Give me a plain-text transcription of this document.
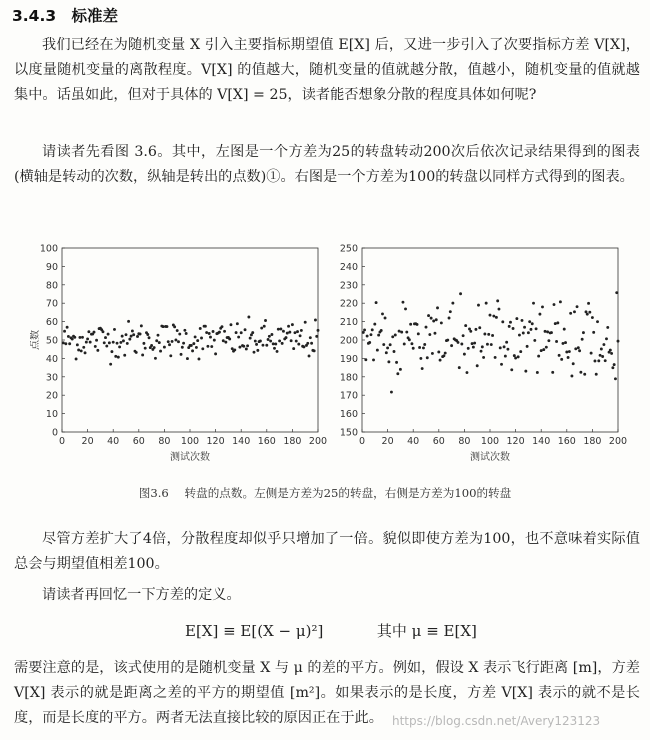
3.4.3 标准差
我们已经在为随机变量 X 引入主要指标期望值 E[X] 后，又进一步引入了次要指标方差 V[X]，以度量随机变量的离散程度。V[X] 的值越大，随机变量的值就越分散，值越小，随机变量的值就越集中。话虽如此，但对于具体的 V[X] = 25，读者能否想象分散的程度具体如何呢?
请读者先看图 3.6。其中，左图是一个方差为25的转盘转动200次后依次记录结果得到的图表(横轴是转动的次数，纵轴是转出的点数)①。右图是一个方差为100的转盘以同样方式得到的图表。
0
10
20
30
40
50
60
70
80
90
100
0 20 40 60 80 100 120 140 160 180 200
测试次数
点数
150
160
170
180
190
200
210
220
230
240
250
0 20 40 60 80 100 120 140 160 180 200
测试次数
图3.6 转盘的点数。左侧是方差为25的转盘，右侧是方差为100的转盘
尽管方差扩大了4倍，分散程度却似乎只增加了一倍。貌似即使方差为100，也不意味着实际值总会与期望值相差100。
请读者再回忆一下方差的定义。
E[X] ≡ E[(X − μ)²]	其中 μ ≡ E[X]
需要注意的是，该式使用的是随机变量 X 与 μ 的差的平方。例如，假设 X 表示飞行距离 [m]，方差 V[X] 表示的就是距离之差的平方的期望值 [m²]。如果表示的是长度，方差 V[X] 表示的就不是长度，而是长度的平方。两者无法直接比较的原因正在于此。 https://blog.csdn.net/Avery123123
